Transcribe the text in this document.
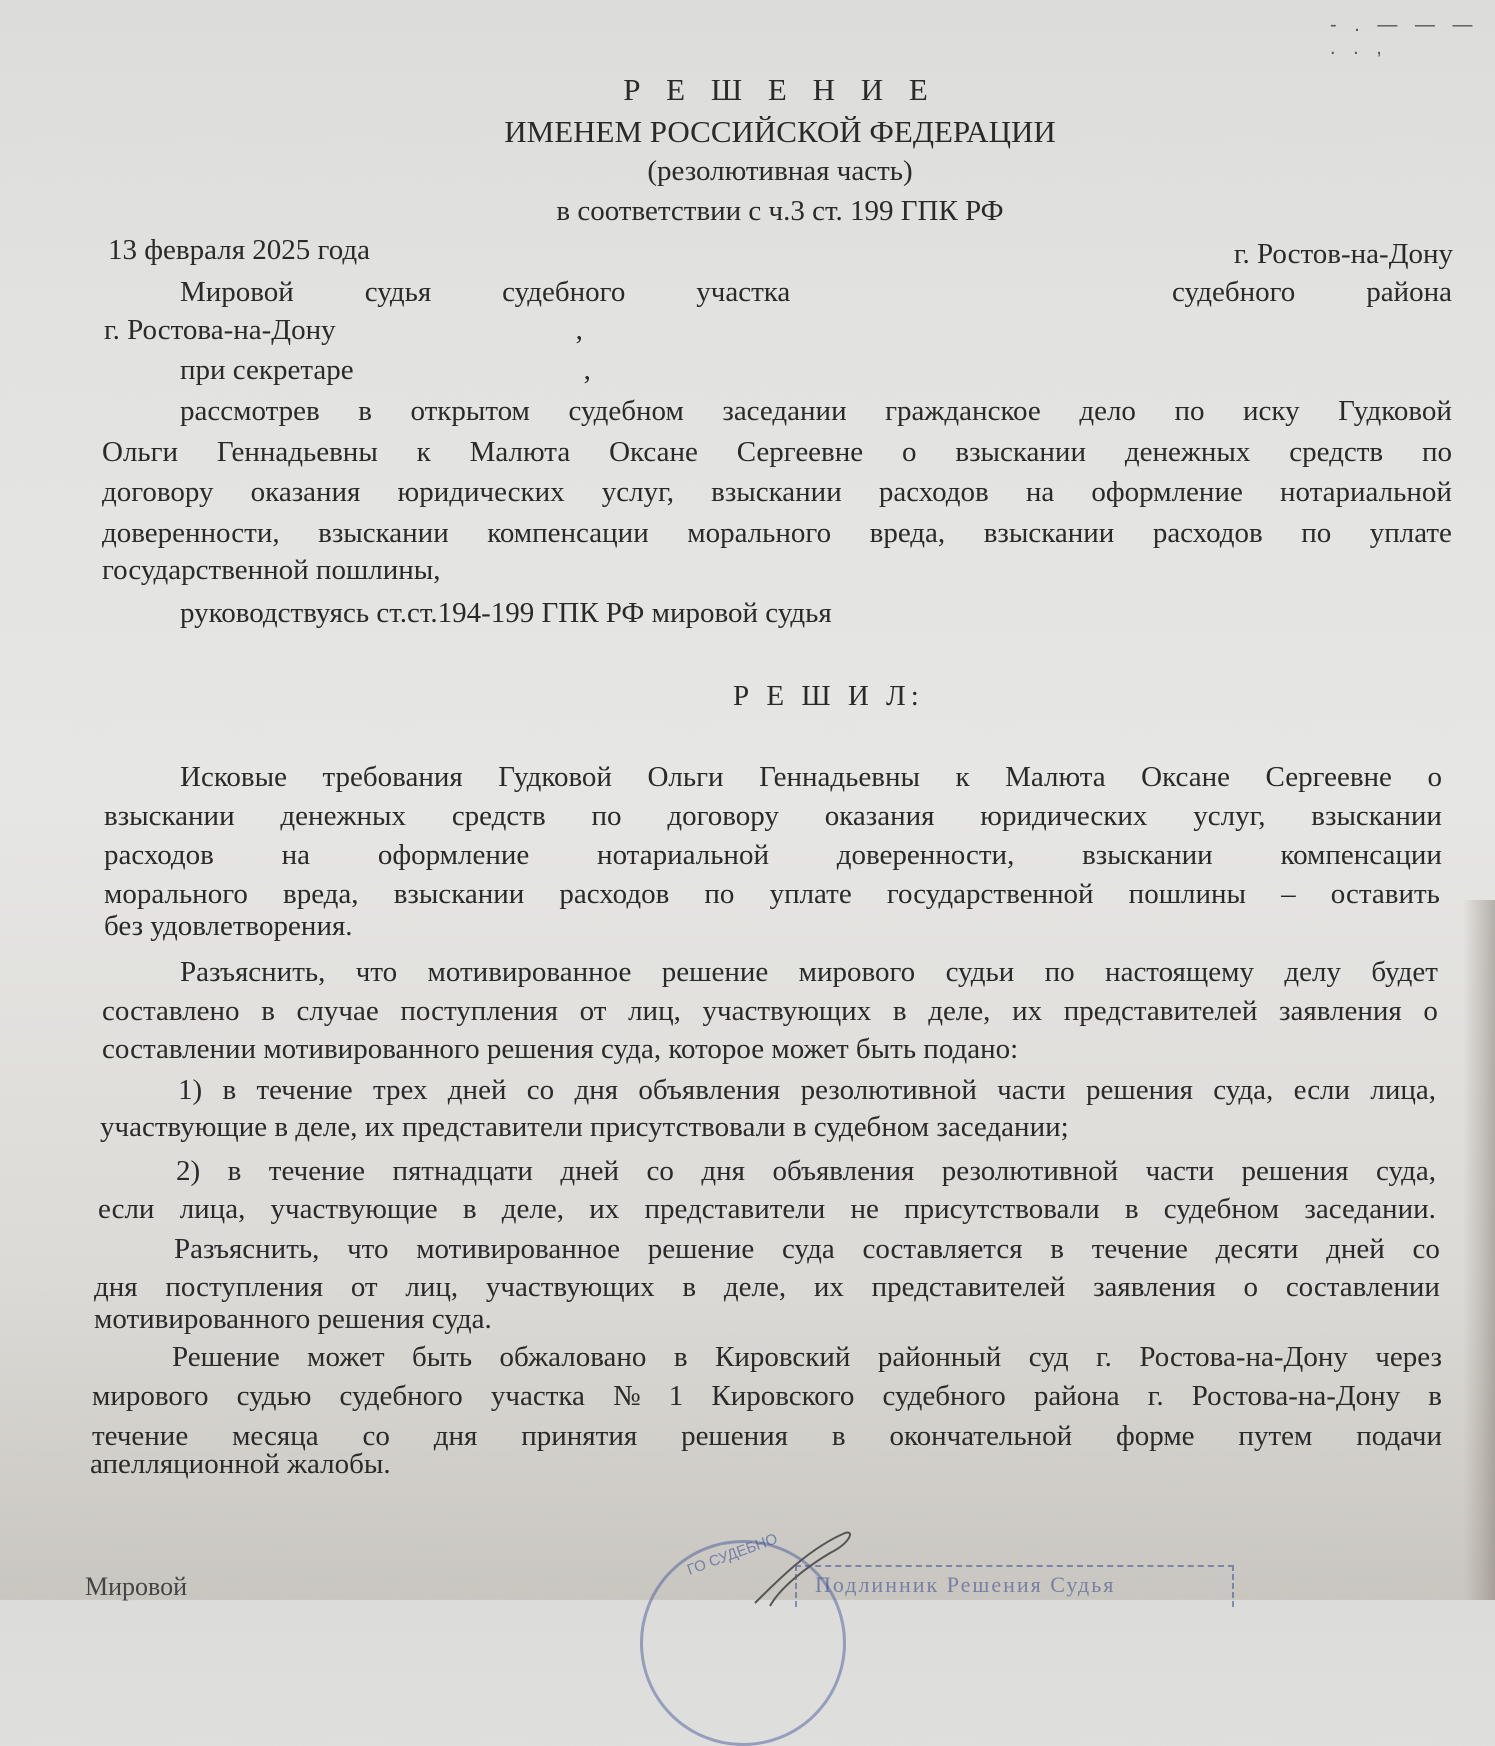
- . — — — . . ,
Р Е Ш Е Н И Е
ИМЕНЕМ РОССИЙСКОЙ ФЕДЕРАЦИИ
(резолютивная часть)
в соответствии с ч.3 ст. 199 ГПК РФ
13 февраля 2025 года	г. Ростов-на-Дону
Мировой судья судебного участка	судебного района
г. Ростова-на-Дону	,
при секретаре	,
рассмотрев в открытом судебном заседании гражданское дело по иску Гудковой
Ольги Геннадьевны к Малюта Оксане Сергеевне о взыскании денежных средств по
договору оказания юридических услуг, взыскании расходов на оформление нотариальной
доверенности, взыскании компенсации морального вреда, взыскании расходов по уплате
государственной пошлины,
руководствуясь ст.ст.194-199 ГПК РФ мировой судья
Р Е Ш И Л:
Исковые требования Гудковой Ольги Геннадьевны к Малюта Оксане Сергеевне о
взыскании денежных средств по договору оказания юридических услуг, взыскании
расходов на оформление нотариальной доверенности, взыскании компенсации
морального вреда, взыскании расходов по уплате государственной пошлины – оставить
без удовлетворения.
Разъяснить, что мотивированное решение мирового судьи по настоящему делу будет
составлено в случае поступления от лиц, участвующих в деле, их представителей заявления о
составлении мотивированного решения суда, которое может быть подано:
1) в течение трех дней со дня объявления резолютивной части решения суда, если лица,
участвующие в деле, их представители присутствовали в судебном заседании;
2) в течение пятнадцати дней со дня объявления резолютивной части решения суда,
если лица, участвующие в деле, их представители не присутствовали в судебном заседании.
Разъяснить, что мотивированное решение суда составляется в течение десяти дней со
дня поступления от лиц, участвующих в деле, их представителей заявления о составлении
мотивированного решения суда.
Решение может быть обжаловано в Кировский районный суд г. Ростова-на-Дону через
мирового судью судебного участка № 1 Кировского судебного района г. Ростова-на-Дону в
течение месяца со дня принятия решения в окончательной форме путем подачи
апелляционной жалобы.
Мировой
ГО СУДЕБНО
Подлинник Решения Судья
